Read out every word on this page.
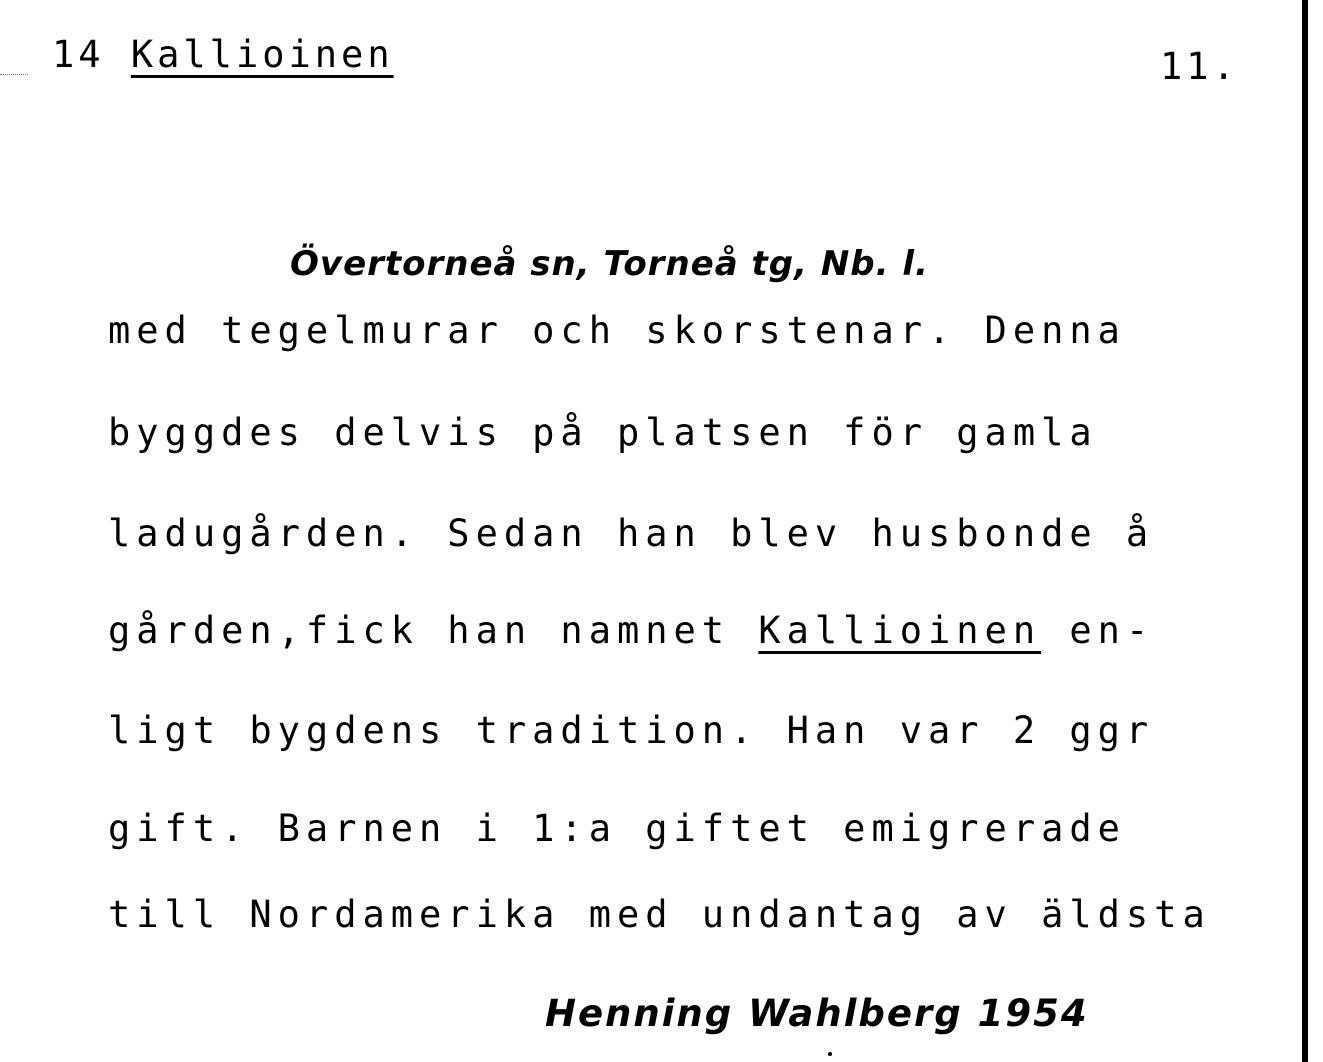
14 Kallioinen	11.
Övertorneå sn, Torneå tg, Nb. l.
med tegelmurar och skorstenar. Denna
byggdes delvis på platsen för gamla
ladugården. Sedan han blev husbonde å
gården,fick han namnet Kallioinen en-
ligt bygdens tradition. Han var 2 ggr
gift. Barnen i 1:a giftet emigrerade
till Nordamerika med undantag av äldsta
Henning Wahlberg 1954
